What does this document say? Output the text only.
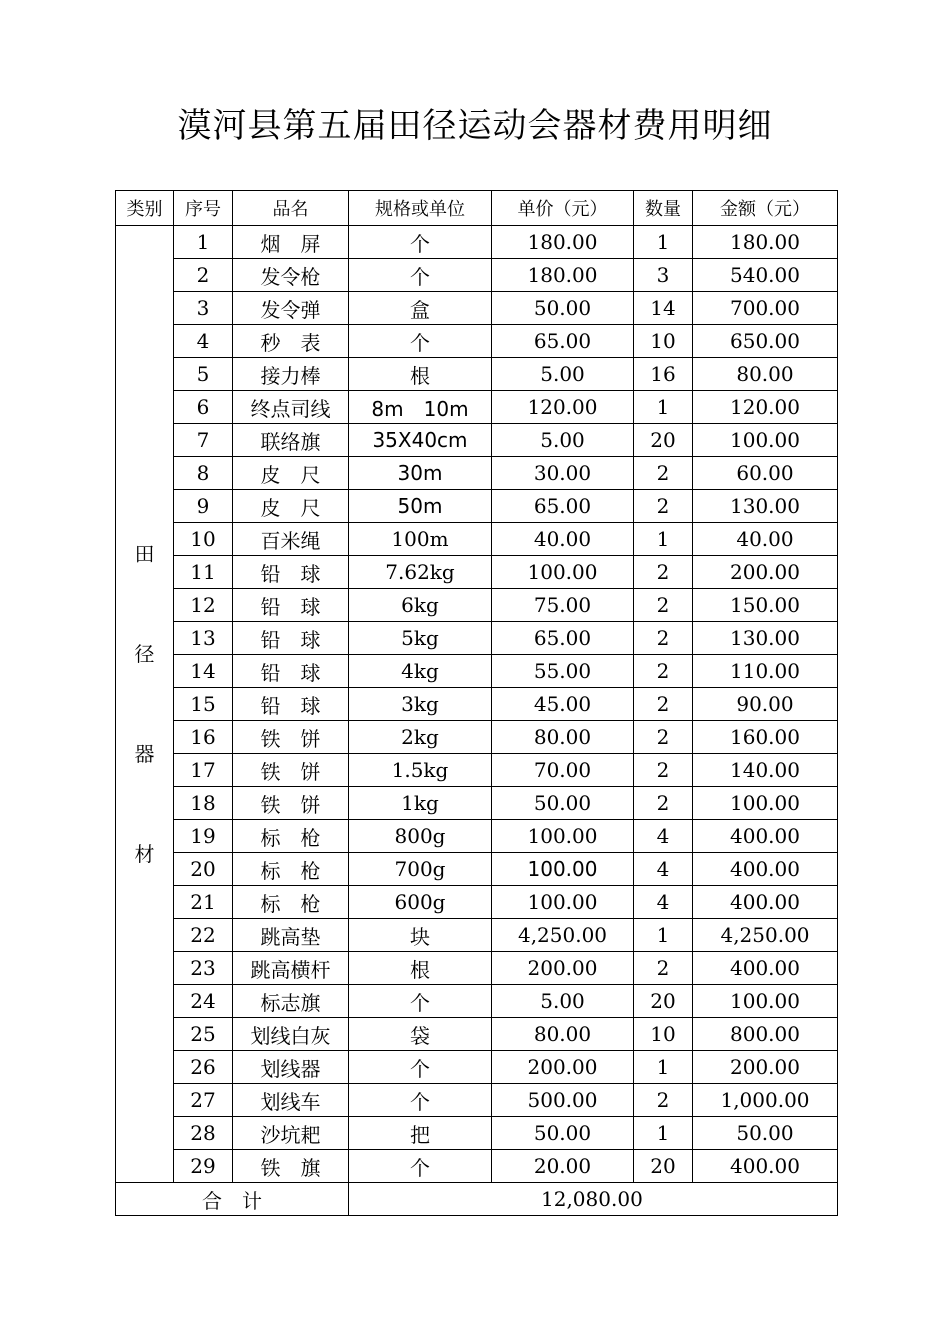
漠河县第五届田径运动会器材费用明细
类别	序号	品名	规格或单位	单价（元）	数量	金额（元）

田
径
器
材	1	烟　屏	个	180.00	1	180.00
	2	发令枪	个	180.00	3	540.00
	3	发令弹	盒	50.00	14	700.00
	4	秒　表	个	65.00	10	650.00
	5	接力棒	根	5.00	16	80.00
	6	终点司线	8m　10m	120.00	1	120.00
	7	联络旗	35X40cm	5.00	20	100.00
	8	皮　尺	30m	30.00	2	60.00
	9	皮　尺	50m	65.00	2	130.00
	10	百米绳	100m	40.00	1	40.00
	11	铅　球	7.62kg	100.00	2	200.00
	12	铅　球	6kg	75.00	2	150.00
	13	铅　球	5kg	65.00	2	130.00
	14	铅　球	4kg	55.00	2	110.00
	15	铅　球	3kg	45.00	2	90.00
	16	铁　饼	2kg	80.00	2	160.00
	17	铁　饼	1.5kg	70.00	2	140.00
	18	铁　饼	1kg	50.00	2	100.00
	19	标　枪	800g	100.00	4	400.00
	20	标　枪	700g	100.00	4	400.00
	21	标　枪	600g	100.00	4	400.00
	22	跳高垫	块	4,250.00	1	4,250.00
	23	跳高横杆	根	200.00	2	400.00
	24	标志旗	个	5.00	20	100.00
	25	划线白灰	袋	80.00	10	800.00
	26	划线器	个	200.00	1	200.00
	27	划线车	个	500.00	2	1,000.00
	28	沙坑耙	把	50.00	1	50.00
	29	铁　旗	个	20.00	20	400.00
合　计			12,080.00			
